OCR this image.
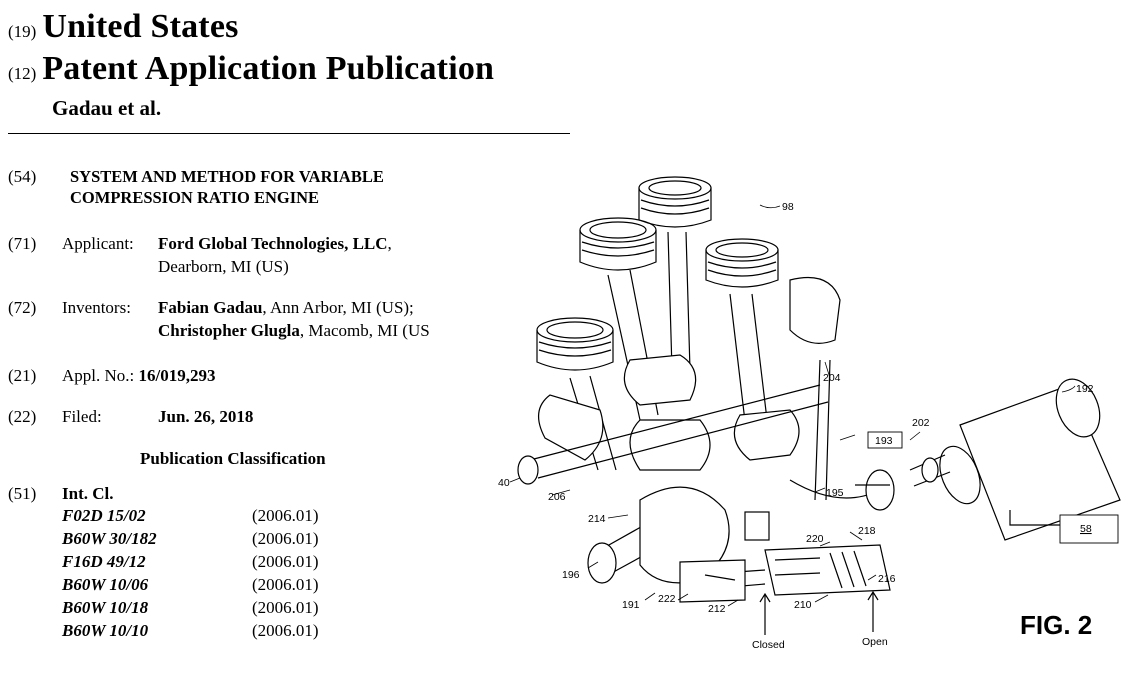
(19) United States
(12) Patent Application Publication
Gadau et al.
(54) SYSTEM AND METHOD FOR VARIABLE
COMPRESSION RATIO ENGINE
(71) Applicant: Ford Global Technologies, LLC,
Dearborn, MI (US)
(72) Inventors: Fabian Gadau, Ann Arbor, MI (US);
Christopher Glugla, Macomb, MI (US
(21) Appl. No.: 16/019,293
(22) Filed:	Jun. 26, 2018
Publication Classification
(51) Int. Cl.
F02D 15/02	(2006.01)
B60W 30/182	(2006.01)
F16D 49/12	(2006.01)
B60W 10/06	(2006.01)
B60W 10/18	(2006.01)
B60W 10/10	(2006.01)
98
192
202
204
193
40
206	195
214
218
220
58
196	216
191 222
212	210
Closed	Open
FIG. 2
